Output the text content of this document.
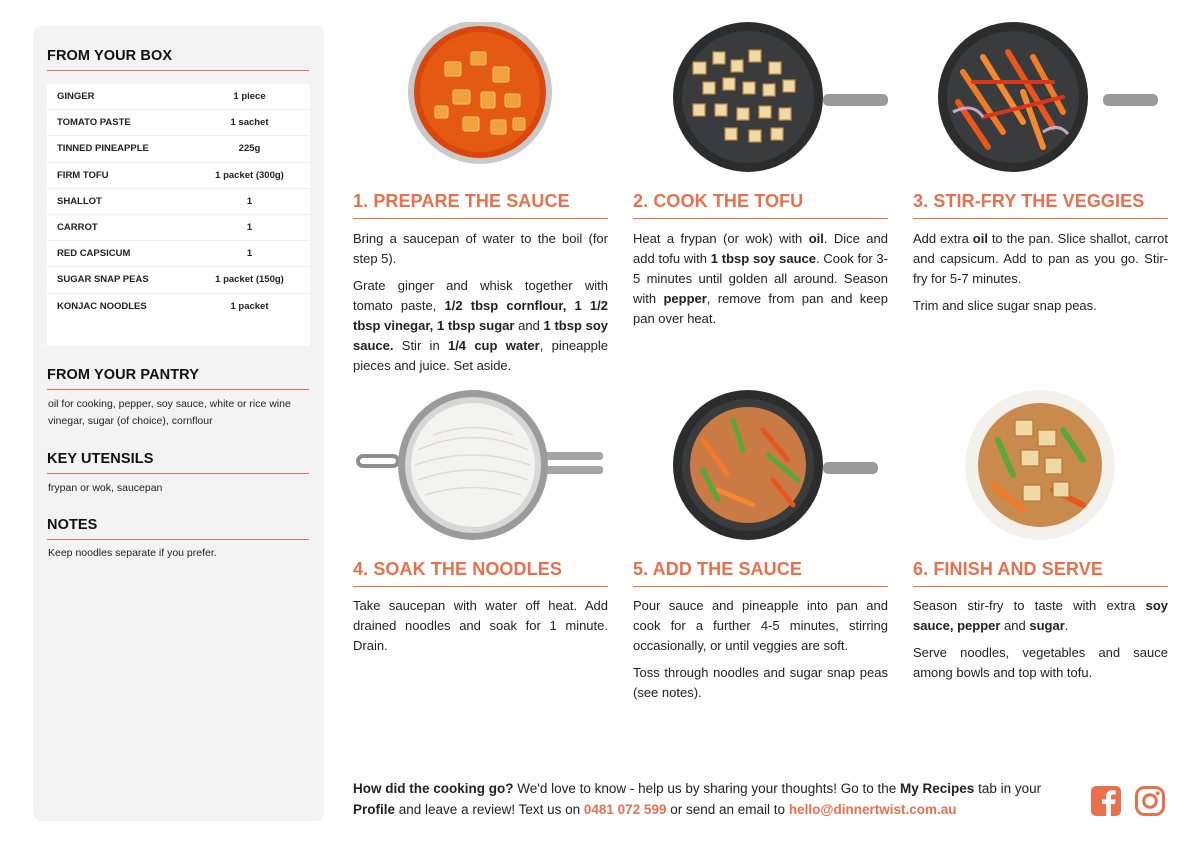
FROM YOUR BOX
GINGER	1 piece
TOMATO PASTE	1 sachet
TINNED PINEAPPLE	225g
FIRM TOFU	1 packet (300g)
SHALLOT	1
CARROT	1
RED CAPSICUM	1
SUGAR SNAP PEAS	1 packet (150g)
KONJAC NOODLES	1 packet
FROM YOUR PANTRY
oil for cooking, pepper, soy sauce, white or rice wine vinegar, sugar (of choice), cornflour
KEY UTENSILS
frypan or wok, saucepan
NOTES
Keep noodles separate if you prefer.
1. PREPARE THE SAUCE

Bring a saucepan of water to the boil (for step 5).

Grate ginger and whisk together with tomato paste, 1/2 tbsp cornflour, 1 1/2 tbsp vinegar, 1 tbsp sugar and 1 tbsp soy sauce. Stir in 1/4 cup water, pineapple pieces and juice. Set aside.

2. COOK THE TOFU

Heat a frypan (or wok) with oil. Dice and add tofu with 1 tbsp soy sauce. Cook for 3-5 minutes until golden all around. Season with pepper, remove from pan and keep pan over heat.

3. STIR-FRY THE VEGGIES

Add extra oil to the pan. Slice shallot, carrot and capsicum. Add to pan as you go. Stir-fry for 5-7 minutes.

Trim and slice sugar snap peas.

4. SOAK THE NOODLES

Take saucepan with water off heat. Add drained noodles and soak for 1 minute. Drain.

5. ADD THE SAUCE

Pour sauce and pineapple into pan and cook for a further 4-5 minutes, stirring occasionally, or until veggies are soft.

Toss through noodles and sugar snap peas (see notes).

6. FINISH AND SERVE

Season stir-fry to taste with extra soy sauce, pepper and sugar.

Serve noodles, vegetables and sauce among bowls and top with tofu.

How did the cooking go? We'd love to know - help us by sharing your thoughts! Go to the My Recipes tab in your Profile and leave a review! Text us on 0481 072 599 or send an email to hello@dinnertwist.com.au
